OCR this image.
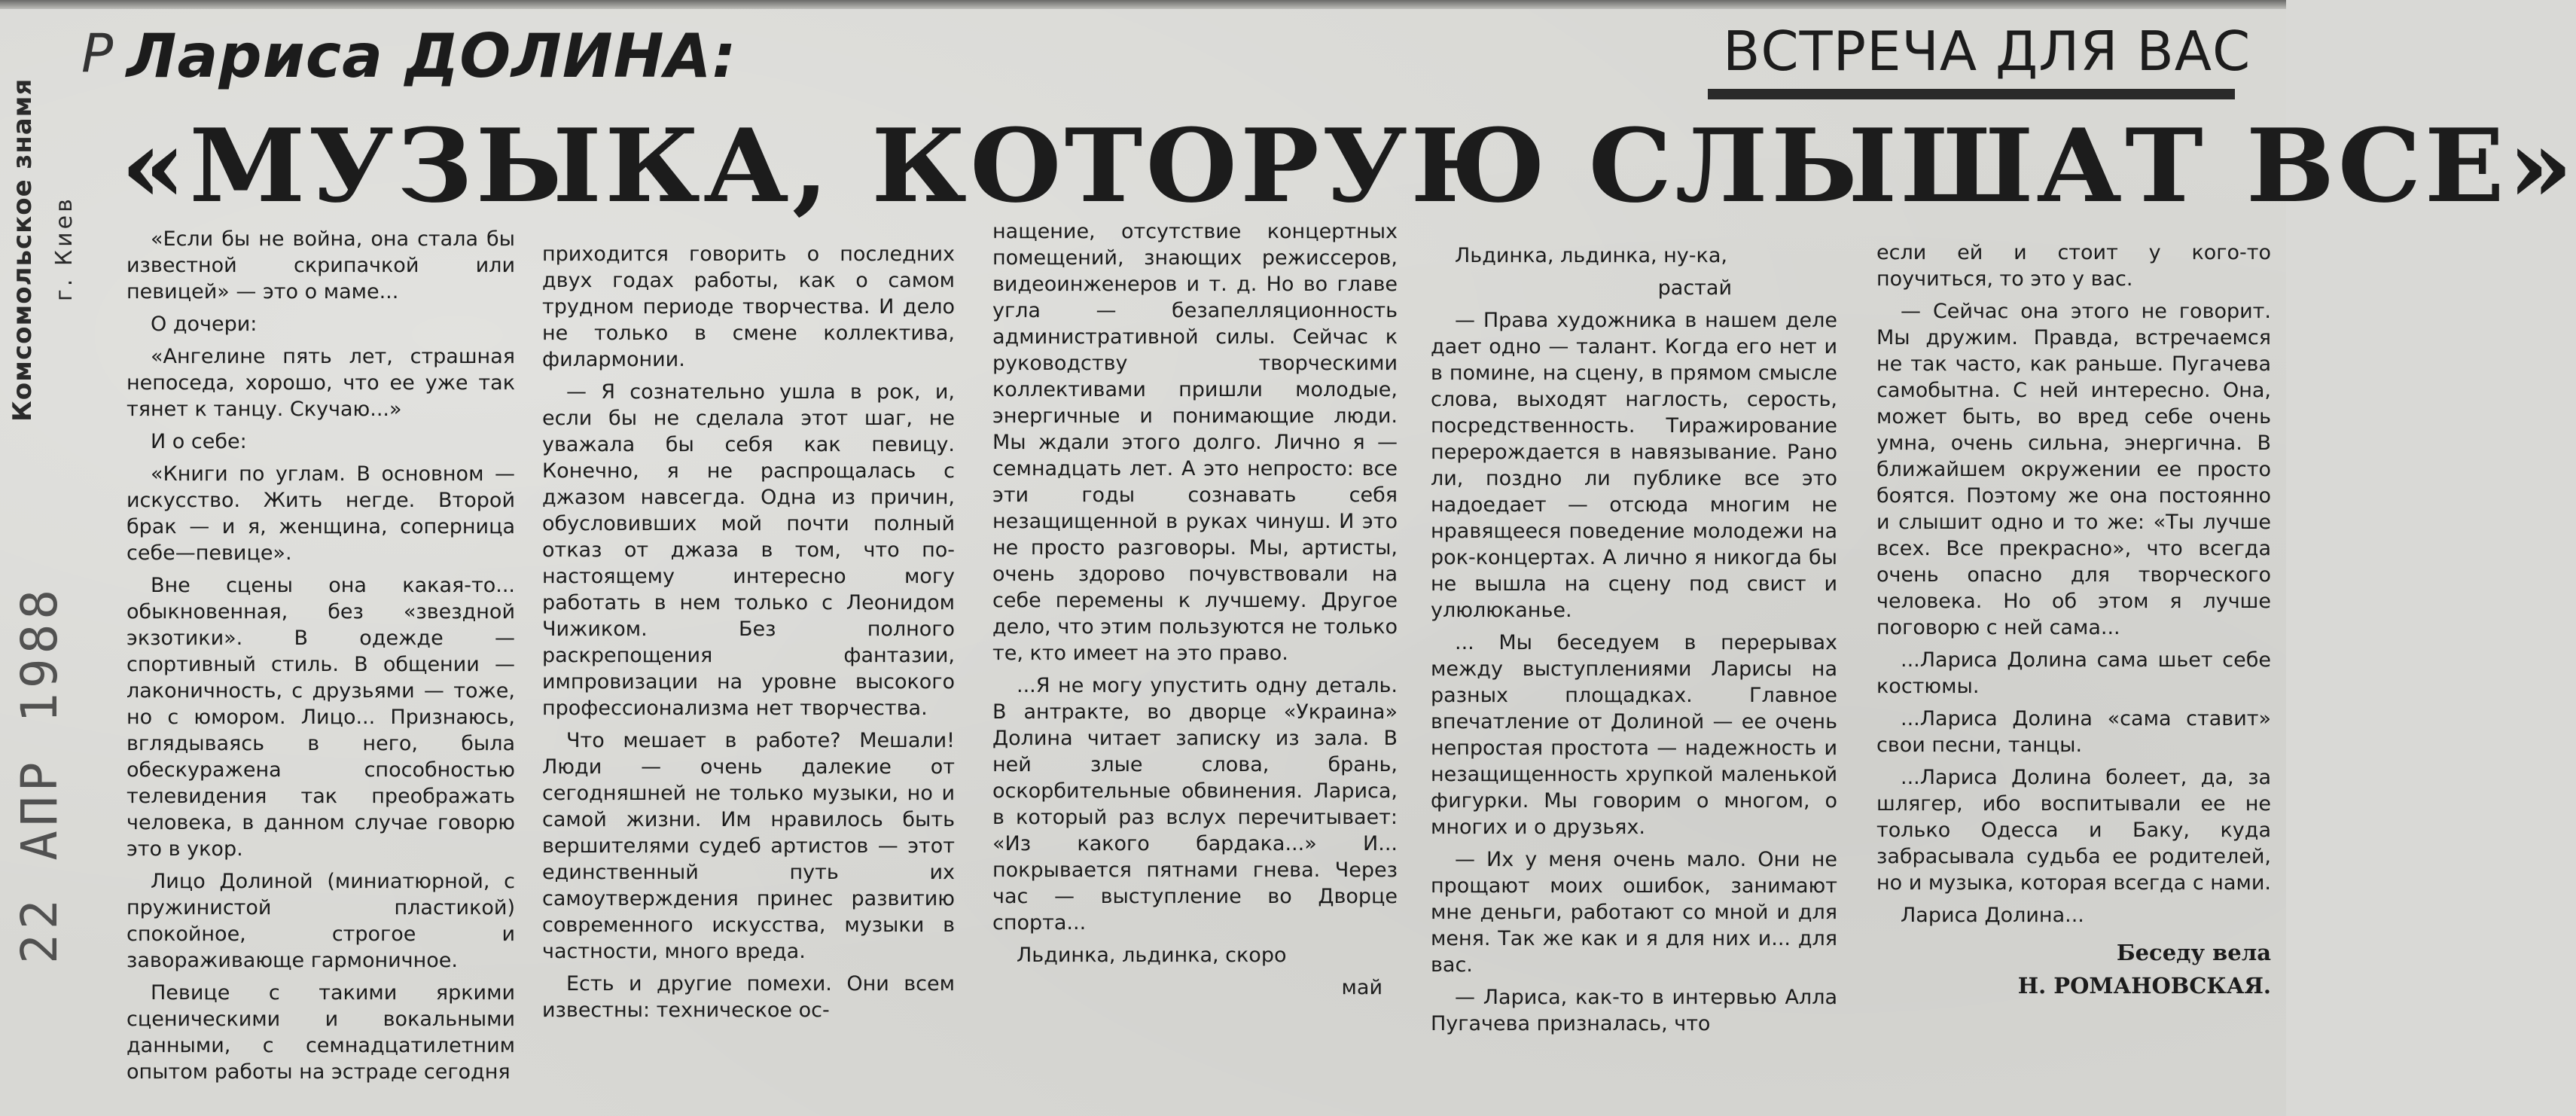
Комсомольское знамя г. Киев
22 АПР 1988
Р Лариса ДОЛИНА:	ВСТРЕЧА ДЛЯ ВАС
«МУЗЫКА, КОТОРУЮ СЛЫШАТ ВСЕ»

«Если бы не война, она стала бы известной скрипачкой или певицей» — это о маме...

О дочери:

«Ангелине пять лет, страшная непоседа, хорошо, что ее уже так тянет к танцу. Скучаю...»

И о себе:

«Книги по углам. В основном — искусство. Жить негде. Второй брак — и я, женщина, соперница себе—певице».

Вне сцены она какая-то... обыкновенная, без «звездной экзотики». В одежде — спортивный стиль. В общении — лаконичность, с друзьями — тоже, но с юмором. Лицо... Признаюсь, вглядываясь в него, была обескуражена способностью телевидения так преображать человека, в данном случае говорю это в укор.

Лицо Долиной (миниатюрной, с пружинистой пластикой) спокойное, строгое и завораживающе гармоничное.

Певице с такими яркими сценическими и вокальными данными, с семнадцатилетним опытом работы на эстраде сегодня

приходится говорить о последних двух годах работы, как о самом трудном периоде творчества. И дело не только в смене коллектива, филармонии.

— Я сознательно ушла в рок, и, если бы не сделала этот шаг, не уважала бы себя как певицу. Конечно, я не распрощалась с джазом навсегда. Одна из причин, обусловивших мой почти полный отказ от джаза в том, что по-настоящему интересно могу работать в нем только с Леонидом Чижиком. Без полного раскрепощения фантазии, импровизации на уровне высокого профессионализма нет творчества.

Что мешает в работе? Мешали! Люди — очень далекие от сегодняшней не только музыки, но и самой жизни. Им нравилось быть вершителями судеб артистов — этот единственный путь их самоутверждения принес развитию современного искусства, музыки в частности, много вреда.

Есть и другие помехи. Они всем известны: техническое ос-

нащение, отсутствие концертных помещений, знающих режиссеров, видеоинженеров и т. д. Но во главе угла — безапелляционность административной силы. Сейчас к руководству творческими коллективами пришли молодые, энергичные и понимающие люди. Мы ждали этого долго. Лично я — семнадцать лет. А это непросто: все эти годы сознавать себя незащищенной в руках чинуш. И это не просто разговоры. Мы, артисты, очень здорово почувствовали на себе перемены к лучшему. Другое дело, что этим пользуются не только те, кто имеет на это право.

...Я не могу упустить одну деталь. В антракте, во дворце «Украина» Долина читает записку из зала. В ней злые слова, брань, оскорбительные обвинения. Лариса, в который раз вслух перечитывает: «Из какого бардака...» И... покрывается пятнами гнева. Через час — выступление во Дворце спорта...

Льдинка, льдинка, скоро

май

Льдинка, льдинка, ну-ка,

растай

— Права художника в нашем деле дает одно — талант. Когда его нет и в помине, на сцену, в прямом смысле слова, выходят наглость, серость, посредственность. Тиражирование перерождается в навязывание. Рано ли, поздно ли публике все это надоедает — отсюда многим не нравящееся поведение молодежи на рок-концертах. А лично я никогда бы не вышла на сцену под свист и улюлюканье.

... Мы беседуем в перерывах между выступлениями Ларисы на разных площадках. Главное впечатление от Долиной — ее очень непростая простота — надежность и незащищенность хрупкой маленькой фигурки. Мы говорим о многом, о многих и о друзьях.

— Их у меня очень мало. Они не прощают моих ошибок, занимают мне деньги, работают со мной и для меня. Так же как и я для них и... для вас.

— Лариса, как-то в интервью Алла Пугачева призналась, что

если ей и стоит у кого-то поучиться, то это у вас.

— Сейчас она этого не говорит. Мы дружим. Правда, встречаемся не так часто, как раньше. Пугачева самобытна. С ней интересно. Она, может быть, во вред себе очень умна, очень сильна, энергична. В ближайшем окружении ее просто боятся. Поэтому же она постоянно и слышит одно и то же: «Ты лучше всех. Все прекрасно», что всегда очень опасно для творческого человека. Но об этом я лучше поговорю с ней сама...

...Лариса Долина сама шьет себе костюмы.

...Лариса Долина «сама ставит» свои песни, танцы.

...Лариса Долина болеет, да, за шлягер, ибо воспитывали ее не только Одесса и Баку, куда забрасывала судьба ее родителей, но и музыка, которая всегда с нами.

Лариса Долина...

Беседу вела

Н. РОМАНОВСКАЯ.
